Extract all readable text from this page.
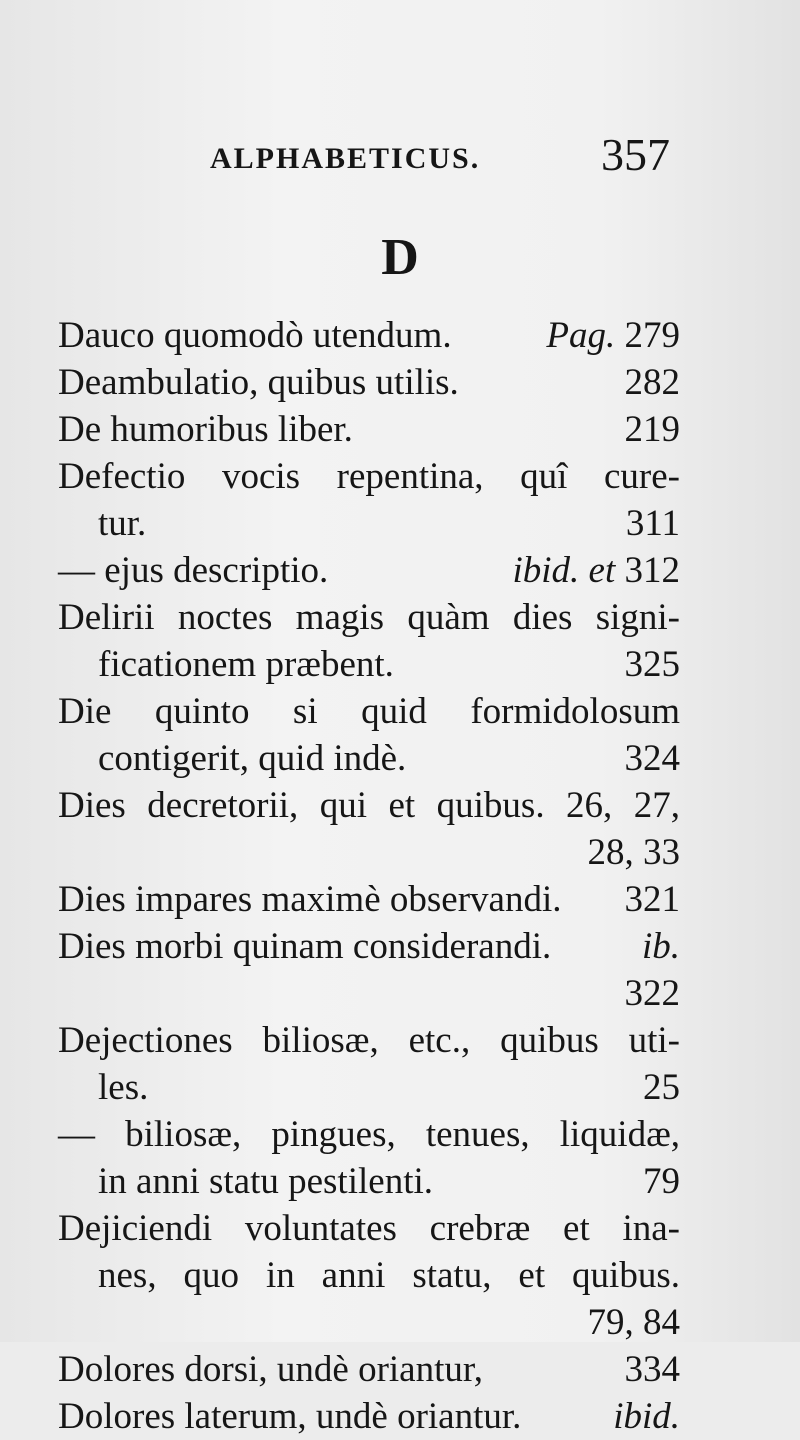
ALPHABETICUS.	357
D
Dauco quomodò utendum.	Pag. 279
Deambulatio, quibus utilis.	282
De humoribus liber.	219
Defectio vocis repentina, quî cure-
tur.	311
— ejus descriptio.	ibid. et 312
Delirii noctes magis quàm dies signi-
ficationem præbent.	325
Die quinto si quid formidolosum
contigerit, quid indè.	324
Dies decretorii, qui et quibus. 26, 27,
28, 33
Dies impares maximè observandi. 321
Dies morbi quinam considerandi. ib.
322
Dejectiones biliosæ, etc., quibus uti-
les.	25
— biliosæ, pingues, tenues, liquidæ,
in anni statu pestilenti.	79
Dejiciendi voluntates crebræ et ina-
nes, quo in anni statu, et quibus.
79, 84
Dolores dorsi, undè oriantur,	334
Dolores laterum, undè oriantur. ibid.
